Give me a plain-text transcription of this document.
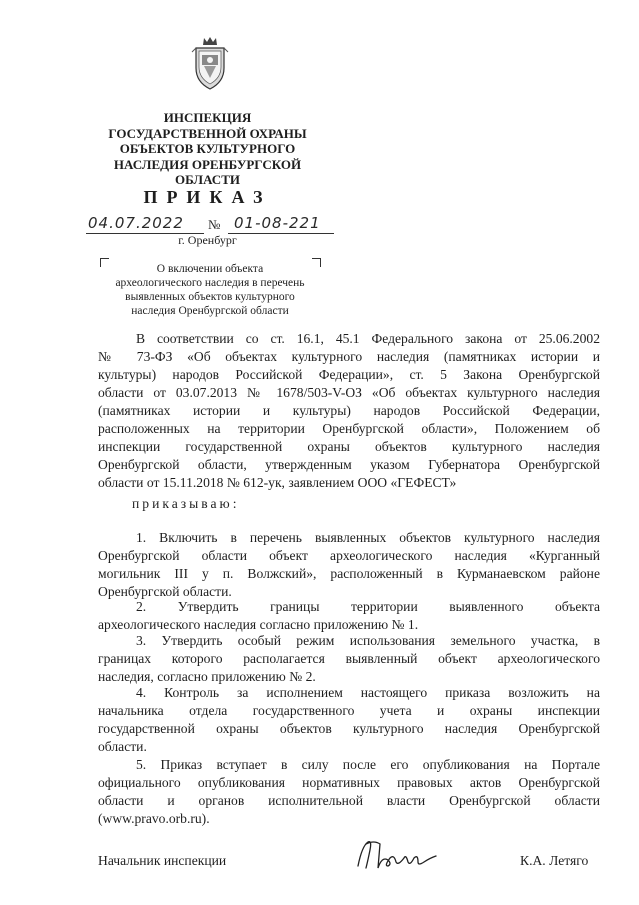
ИНСПЕКЦИЯ
ГОСУДАРСТВЕННОЙ ОХРАНЫ
ОБЪЕКТОВ КУЛЬТУРНОГО
НАСЛЕДИЯ ОРЕНБУРГСКОЙ
ОБЛАСТИ
ПРИКАЗ
04.07.2022 № 01-08-221
г. Оренбург
О включении объекта
археологического наследия в перечень
выявленных объектов культурного
наследия Оренбургской области
В соответствии со ст. 16.1, 45.1 Федерального закона от 25.06.2002
№ 73-ФЗ «Об объектах культурного наследия (памятниках истории и
культуры) народов Российской Федерации», ст. 5 Закона Оренбургской
области от 03.07.2013 № 1678/503-V-ОЗ «Об объектах культурного наследия
(памятниках истории и культуры) народов Российской Федерации,
расположенных на территории Оренбургской области», Положением об
инспекции государственной охраны объектов культурного наследия
Оренбургской области, утвержденным указом Губернатора Оренбургской
области от 15.11.2018 № 612-ук, заявлением ООО «ГЕФЕСТ»
приказываю:
1. Включить в перечень выявленных объектов культурного наследия
Оренбургской области объект археологического наследия «Курганный
могильник III у п. Волжский», расположенный в Курманаевском районе
Оренбургской области.
2. Утвердить границы территории выявленного объекта
археологического наследия согласно приложению № 1.
3. Утвердить особый режим использования земельного участка, в
границах которого располагается выявленный объект археологического
наследия, согласно приложению № 2.
4. Контроль за исполнением настоящего приказа возложить на
начальника отдела государственного учета и охраны инспекции
государственной охраны объектов культурного наследия Оренбургской
области.
5. Приказ вступает в силу после его опубликования на Портале
официального опубликования нормативных правовых актов Оренбургской
области и органов исполнительной власти Оренбургской области
(www.pravo.orb.ru).
Начальник инспекции	К.А. Летяго
